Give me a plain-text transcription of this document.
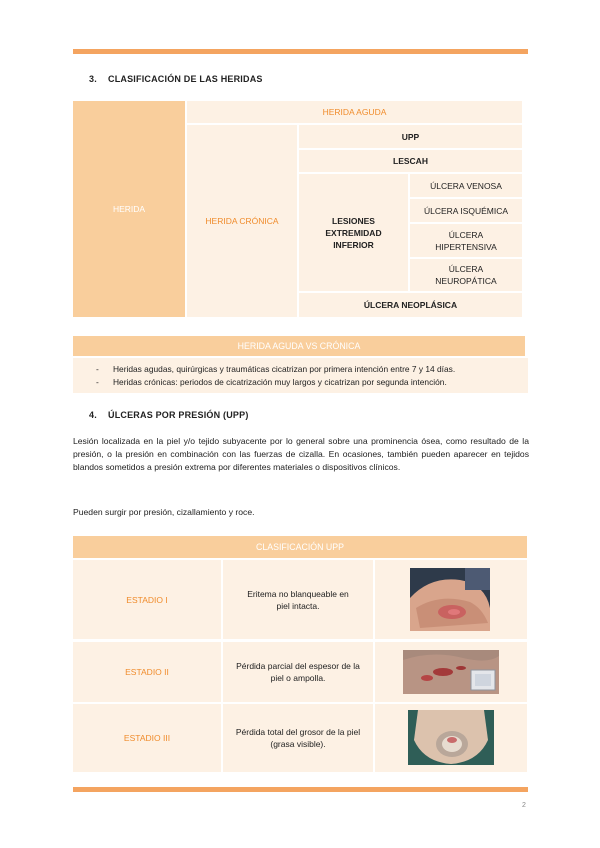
3. CLASIFICACIÓN DE LAS HERIDAS
HERIDA
HERIDA AGUDA
HERIDA CRÓNICA
UPP
LESCAH
LESIONES EXTREMIDAD INFERIOR
ÚLCERA VENOSA
ÚLCERA ISQUÉMICA
ÚLCERA HIPERTENSIVA
ÚLCERA NEUROPÁTICA
ÚLCERA NEOPLÁSICA
HERIDA AGUDA VS CRÓNICA
- Heridas agudas, quirúrgicas y traumáticas cicatrizan por primera intención entre 7 y 14 días.
- Heridas crónicas: periodos de cicatrización muy largos y cicatrizan por segunda intención.
4. ÚLCERAS POR PRESIÓN (UPP)
Lesión localizada en la piel y/o tejido subyacente por lo general sobre una prominencia ósea, como resultado de la presión, o la presión en combinación con las fuerzas de cizalla. En ocasiones, también pueden aparecer en tejidos blandos sometidos a presión extrema por diferentes materiales o dispositivos clínicos.
Pueden surgir por presión, cizallamiento y roce.
CLASIFICACIÓN UPP
ESTADIO I
Eritema no blanqueable en piel intacta.
ESTADIO II
Pérdida parcial del espesor de la piel o ampolla.
ESTADIO III
Pérdida total del grosor de la piel (grasa visible).
2
